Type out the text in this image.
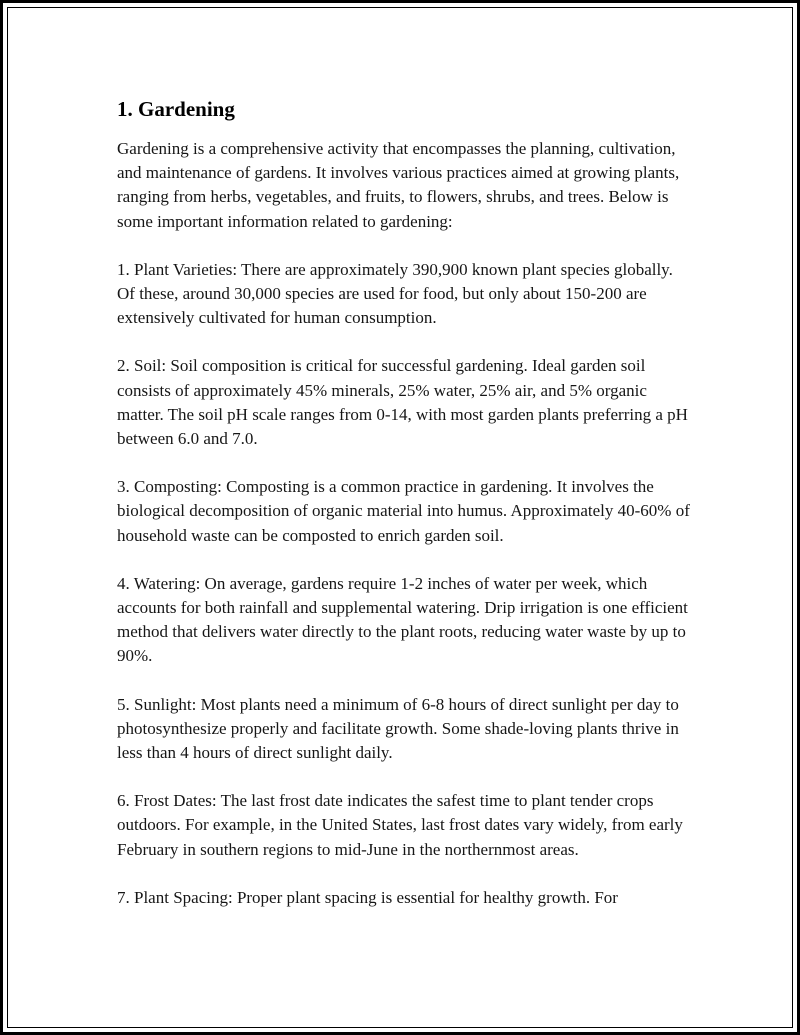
1. Gardening

Gardening is a comprehensive activity that encompasses the planning, cultivation, and maintenance of gardens. It involves various practices aimed at growing plants, ranging from herbs, vegetables, and fruits, to flowers, shrubs, and trees. Below is some important information related to gardening:

1. Plant Varieties: There are approximately 390,900 known plant species globally. Of these, around 30,000 species are used for food, but only about 150-200 are extensively cultivated for human consumption.

2. Soil: Soil composition is critical for successful gardening. Ideal garden soil consists of approximately 45% minerals, 25% water, 25% air, and 5% organic matter. The soil pH scale ranges from 0-14, with most garden plants preferring a pH between 6.0 and 7.0.

3. Composting: Composting is a common practice in gardening. It involves the biological decomposition of organic material into humus. Approximately 40-60% of household waste can be composted to enrich garden soil.

4. Watering: On average, gardens require 1-2 inches of water per week, which accounts for both rainfall and supplemental watering. Drip irrigation is one efficient method that delivers water directly to the plant roots, reducing water waste by up to 90%.

5. Sunlight: Most plants need a minimum of 6-8 hours of direct sunlight per day to photosynthesize properly and facilitate growth. Some shade-loving plants thrive in less than 4 hours of direct sunlight daily.

6. Frost Dates: The last frost date indicates the safest time to plant tender crops outdoors. For example, in the United States, last frost dates vary widely, from early February in southern regions to mid-June in the northernmost areas.

7. Plant Spacing: Proper plant spacing is essential for healthy growth. For
